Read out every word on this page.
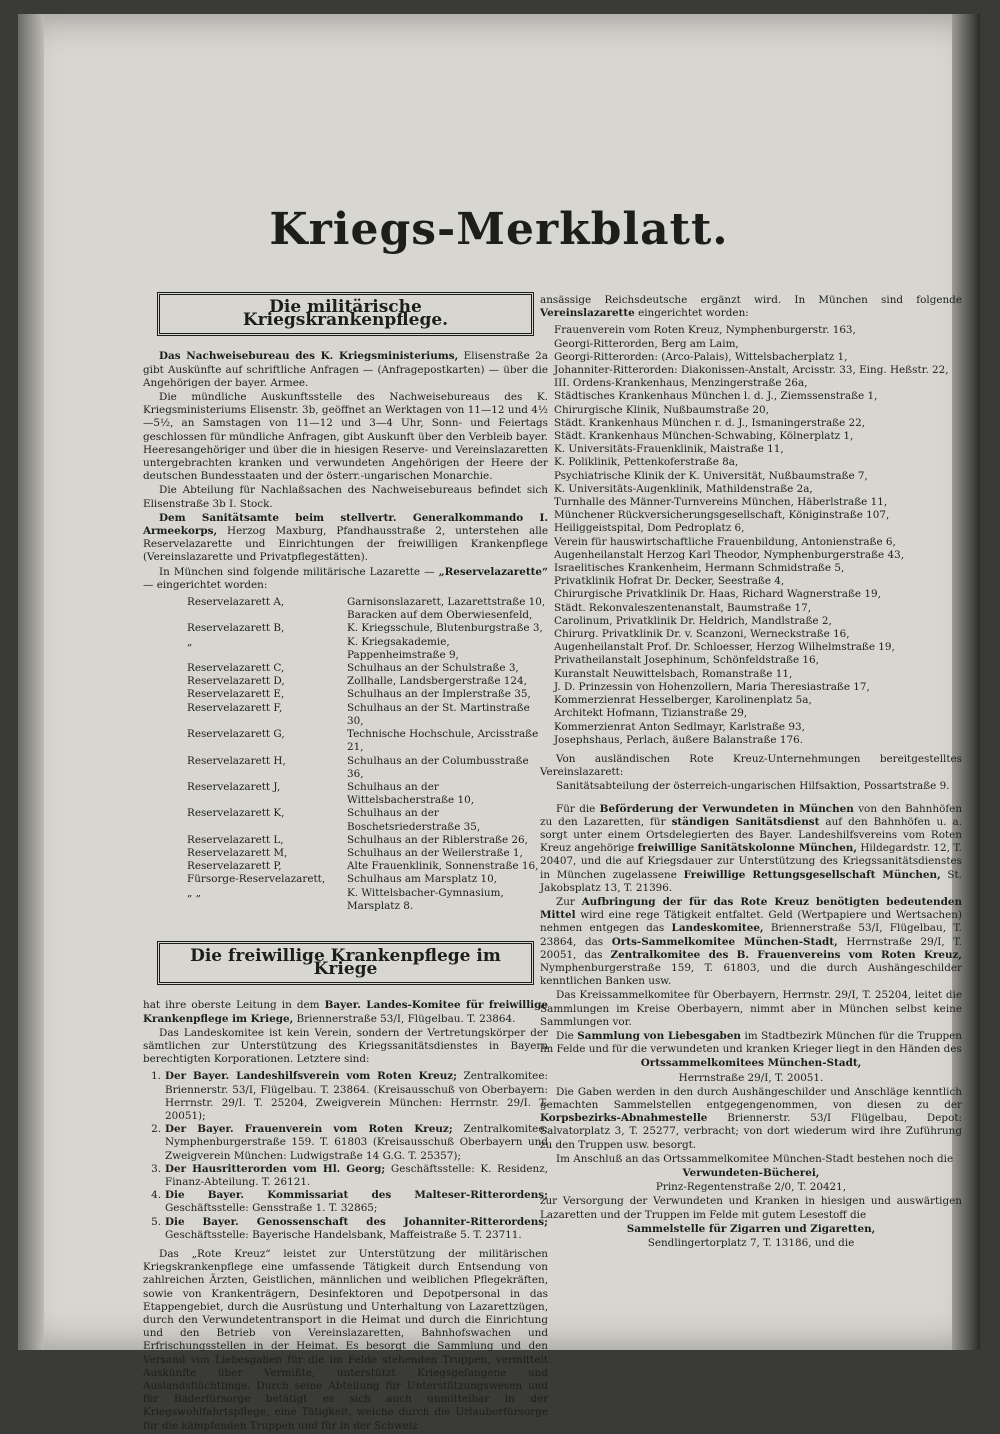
Kriegs-Merkblatt.
Die militärische Kriegskrankenpflege.

Das Nachweisebureau des K. Kriegsministeriums, Elisenstraße 2a gibt Auskünfte auf schriftliche Anfragen — (Anfragepostkarten) — über die Angehörigen der bayer. Armee.

Die mündliche Auskunftsstelle des Nachweisebureaus des K. Kriegsministeriums Elisenstr. 3b, geöffnet an Werktagen von 11—12 und 4½—5½, an Samstagen von 11—12 und 3—4 Uhr, Sonn- und Feiertags geschlossen für mündliche Anfragen, gibt Auskunft über den Verbleib bayer. Heeresangehöriger und über die in hiesigen Reserve- und Vereinslazaretten untergebrachten kranken und verwundeten Angehörigen der Heere der deutschen Bundesstaaten und der österr.-ungarischen Monarchie.

Die Abteilung für Nachlaßsachen des Nachweisebureaus befindet sich Elisenstraße 3b I. Stock.

Dem Sanitätsamte beim stellvertr. Generalkommando I. Armeekorps, Herzog Maxburg, Pfandhausstraße 2, unterstehen alle Reservelazarette und Einrichtungen der freiwilligen Krankenpflege (Vereinslazarette und Privatpflegestätten).

In München sind folgende militärische Lazarette — „Reservelazarette“ — eingerichtet worden:

Reservelazarett A,	Garnisonslazarett, Lazarettstraße 10,
Baracken auf dem Oberwiesenfeld,
Reservelazarett B,	K. Kriegsschule, Blutenburgstraße 3,
„	K. Kriegsakademie, Pappenheimstraße 9,
Reservelazarett C,	Schulhaus an der Schulstraße 3,
Reservelazarett D,	Zollhalle, Landsbergerstraße 124,
Reservelazarett E,	Schulhaus an der Implerstraße 35,
Reservelazarett F,	Schulhaus an der St. Martinstraße 30,
Reservelazarett G,	Technische Hochschule, Arcisstraße 21,
Reservelazarett H,	Schulhaus an der Columbusstraße 36,
Reservelazarett J,	Schulhaus an der Wittelsbacherstraße 10,
Reservelazarett K,	Schulhaus an der Boschetsriederstraße 35,
Reservelazarett L,	Schulhaus an der Riblerstraße 26,
Reservelazarett M,	Schulhaus an der Weilerstraße 1,
Reservelazarett P,	Alte Frauenklinik, Sonnenstraße 16,
Fürsorge-Reservelazarett,	Schulhaus am Marsplatz 10,
„ „	K. Wittelsbacher-Gymnasium, Marsplatz 8.
Die freiwillige Krankenpflege im Kriege

hat ihre oberste Leitung in dem Bayer. Landes-Komitee für freiwillige Krankenpflege im Kriege, Briennerstraße 53/I, Flügelbau. T. 23864.

Das Landeskomitee ist kein Verein, sondern der Vertretungskörper der sämtlichen zur Unterstützung des Kriegssanitätsdienstes in Bayern berechtigten Korporationen. Letztere sind:

1. Der Bayer. Landeshilfsverein vom Roten Kreuz; Zentralkomitee: Briennerstr. 53/I, Flügelbau. T. 23864. (Kreisausschuß von Oberbayern: Herrnstr. 29/I. T. 25204, Zweigverein München: Herrnstr. 29/I. T. 20051);
2. Der Bayer. Frauenverein vom Roten Kreuz; Zentralkomitee: Nymphenburgerstraße 159. T. 61803 (Kreisausschuß Oberbayern und Zweigverein München: Ludwigstraße 14 G.G. T. 25357);
3. Der Hausritterorden vom Hl. Georg; Geschäftsstelle: K. Residenz, Finanz-Abteilung. T. 26121.
4. Die Bayer. Kommissariat des Malteser-Ritterordens; Geschäftsstelle: Gensstraße 1. T. 32865;
5. Die Bayer. Genossenschaft des Johanniter-Ritterordens; Geschäftsstelle: Bayerische Handelsbank, Maffeistraße 5. T. 23711.

Das „Rote Kreuz“ leistet zur Unterstützung der militärischen Kriegskrankenpflege eine umfassende Tätigkeit durch Entsendung von zahlreichen Ärzten, Geistlichen, männlichen und weiblichen Pflegekräften, sowie von Krankenträgern, Desinfektoren und Depotpersonal in das Etappengebiet, durch die Ausrüstung und Unterhaltung von Lazarettzügen, durch den Verwundetentransport in die Heimat und durch die Einrichtung und den Betrieb von Vereinslazaretten, Bahnhofswachen und Erfrischungsstellen in der Heimat. Es besorgt die Sammlung und den Versand von Liebesgaben für die im Felde stehenden Truppen, vermittelt Auskünfte über Vermißte, unterstützt Kriegsgefangene und Auslandsflüchtlinge. Durch seine Abteilung für Unterstützungswesen und für Bäderfürsorge betätigt es sich auch unmittelbar in der Kriegswohlfahrtspflege, eine Tätigkeit, welche durch die Urlauberfürsorge für die kämpfenden Truppen und für in der Schweiz

ansässige Reichsdeutsche ergänzt wird. In München sind folgende Vereinslazarette eingerichtet worden:

Frauenverein vom Roten Kreuz, Nymphenburgerstr. 163,
Georgi-Ritterorden, Berg am Laim,
Georgi-Ritterorden: (Arco-Palais), Wittelsbacherplatz 1,
Johanniter-Ritterorden: Diakonissen-Anstalt, Arcisstr. 33, Eing. Heßstr. 22,
III. Ordens-Krankenhaus, Menzingerstraße 26a,
Städtisches Krankenhaus München l. d. J., Ziemssenstraße 1,
Chirurgische Klinik, Nußbaumstraße 20,
Städt. Krankenhaus München r. d. J., Ismaningerstraße 22,
Städt. Krankenhaus München-Schwabing, Kölnerplatz 1,
K. Universitäts-Frauenklinik, Maistraße 11,
K. Poliklinik, Pettenkoferstraße 8a,
Psychiatrische Klinik der K. Universität, Nußbaumstraße 7,
K. Universitäts-Augenklinik, Mathildenstraße 2a,
Turnhalle des Männer-Turnvereins München, Häberlstraße 11,
Münchener Rückversicherungsgesellschaft, Königinstraße 107,
Heiliggeistspital, Dom Pedroplatz 6,
Verein für hauswirtschaftliche Frauenbildung, Antonienstraße 6,
Augenheilanstalt Herzog Karl Theodor, Nymphenburgerstraße 43,
Israelitisches Krankenheim, Hermann Schmidstraße 5,
Privatklinik Hofrat Dr. Decker, Seestraße 4,
Chirurgische Privatklinik Dr. Haas, Richard Wagnerstraße 19,
Städt. Rekonvaleszentenanstalt, Baumstraße 17,
Carolinum, Privatklinik Dr. Heldrich, Mandlstraße 2,
Chirurg. Privatklinik Dr. v. Scanzoni, Werneckstraße 16,
Augenheilanstalt Prof. Dr. Schloesser, Herzog Wilhelmstraße 19,
Privatheilanstalt Josephinum, Schönfeldstraße 16,
Kuranstalt Neuwittelsbach, Romanstraße 11,
J. D. Prinzessin von Hohenzollern, Maria Theresiastraße 17,
Kommerzienrat Hesselberger, Karolinenplatz 5a,
Architekt Hofmann, Tizianstraße 29,
Kommerzienrat Anton Sedlmayr, Karlstraße 93,
Josephshaus, Perlach, äußere Balanstraße 176.

Von ausländischen Rote Kreuz-Unternehmungen bereitgestelltes Vereinslazarett:

Sanitätsabteilung der österreich-ungarischen Hilfsaktion, Possartstraße 9.

Für die Beförderung der Verwundeten in München von den Bahnhöfen zu den Lazaretten, für ständigen Sanitätsdienst auf den Bahnhöfen u. a. sorgt unter einem Ortsdelegierten des Bayer. Landeshilfsvereins vom Roten Kreuz angehörige freiwillige Sanitätskolonne München, Hildegardstr. 12, T. 20407, und die auf Kriegsdauer zur Unterstützung des Kriegssanitätsdienstes in München zugelassene Freiwillige Rettungsgesellschaft München, St. Jakobsplatz 13, T. 21396.

Zur Aufbringung der für das Rote Kreuz benötigten bedeutenden Mittel wird eine rege Tätigkeit entfaltet. Geld (Wertpapiere und Wertsachen) nehmen entgegen das Landeskomitee, Briennerstraße 53/I, Flügelbau, T. 23864, das Orts-Sammelkomitee München-Stadt, Herrnstraße 29/I, T. 20051, das Zentralkomitee des B. Frauenvereins vom Roten Kreuz, Nymphenburgerstraße 159, T. 61803, und die durch Aushängeschilder kenntlichen Banken usw.

Das Kreissammelkomitee für Oberbayern, Herrnstr. 29/I, T. 25204, leitet die Sammlungen im Kreise Oberbayern, nimmt aber in München selbst keine Sammlungen vor.

Die Sammlung von Liebesgaben im Stadtbezirk München für die Truppen im Felde und für die verwundeten und kranken Krieger liegt in den Händen des

Ortssammelkomitees München-Stadt,

Herrnstraße 29/I, T. 20051.

Die Gaben werden in den durch Aushängeschilder und Anschläge kenntlich gemachten Sammelstellen entgegengenommen, von diesen zu der Korpsbezirks-Abnahmestelle Briennerstr. 53/I Flügelbau, Depot: Salvatorplatz 3, T. 25277, verbracht; von dort wiederum wird ihre Zuführung zu den Truppen usw. besorgt.

Im Anschluß an das Ortssammelkomitee München-Stadt bestehen noch die

Verwundeten-Bücherei,

Prinz-Regentenstraße 2/0, T. 20421,

zur Versorgung der Verwundeten und Kranken in hiesigen und auswärtigen Lazaretten und der Truppen im Felde mit gutem Lesestoff die

Sammelstelle für Zigarren und Zigaretten,

Sendlingertorplatz 7, T. 13186, und die
